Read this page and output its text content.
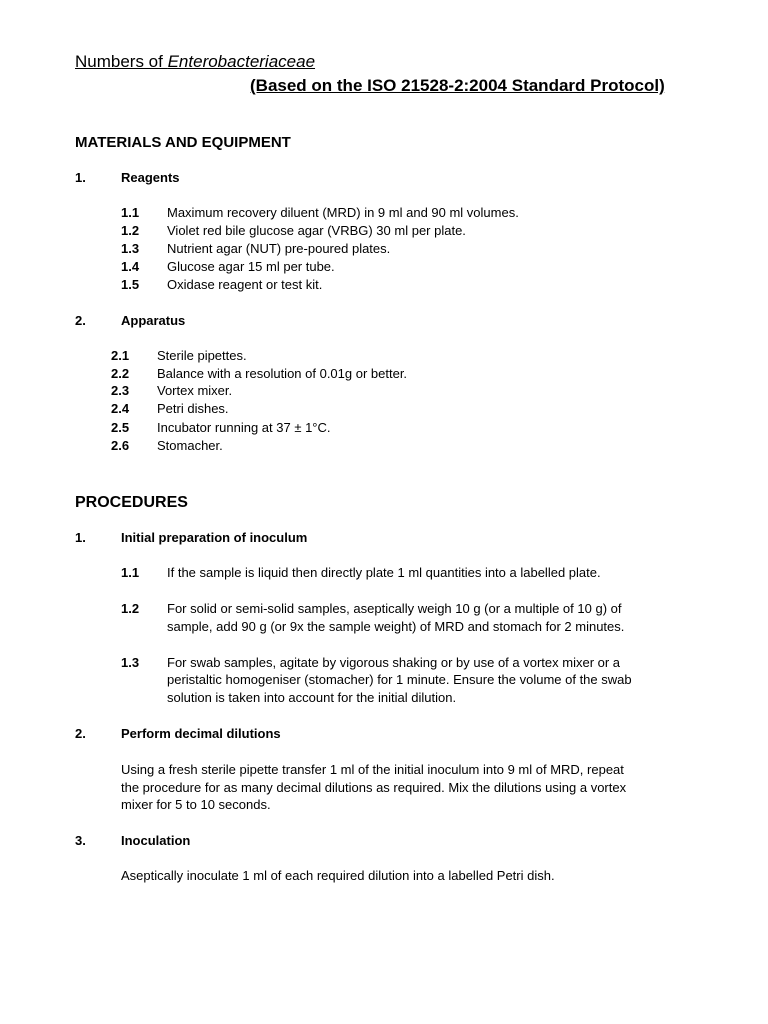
Numbers of Enterobacteriaceae
(Based on the ISO 21528-2:2004 Standard Protocol)
MATERIALS AND EQUIPMENT
1.	Reagents
1.1 Maximum recovery diluent (MRD) in 9 ml and 90 ml volumes.
1.2 Violet red bile glucose agar (VRBG) 30 ml per plate.
1.3 Nutrient agar (NUT) pre-poured plates.
1.4 Glucose agar 15 ml per tube.
1.5 Oxidase reagent or test kit.
2.	Apparatus
2.1 Sterile pipettes.
2.2 Balance with a resolution of 0.01g or better.
2.3 Vortex mixer.
2.4 Petri dishes.
2.5 Incubator running at 37 ± 1°C.
2.6 Stomacher.
PROCEDURES
1.	Initial preparation of inoculum
1.1 If the sample is liquid then directly plate 1 ml quantities into a labelled plate.
1.2 For solid or semi-solid samples, aseptically weigh 10 g (or a multiple of 10 g) of
sample, add 90 g (or 9x the sample weight) of MRD and stomach for 2 minutes.
1.3 For swab samples, agitate by vigorous shaking or by use of a vortex mixer or a
peristaltic homogeniser (stomacher) for 1 minute. Ensure the volume of the swab
solution is taken into account for the initial dilution.
2.	Perform decimal dilutions
Using a fresh sterile pipette transfer 1 ml of the initial inoculum into 9 ml of MRD, repeat
the procedure for as many decimal dilutions as required. Mix the dilutions using a vortex
mixer for 5 to 10 seconds.
3.	Inoculation
Aseptically inoculate 1 ml of each required dilution into a labelled Petri dish.
